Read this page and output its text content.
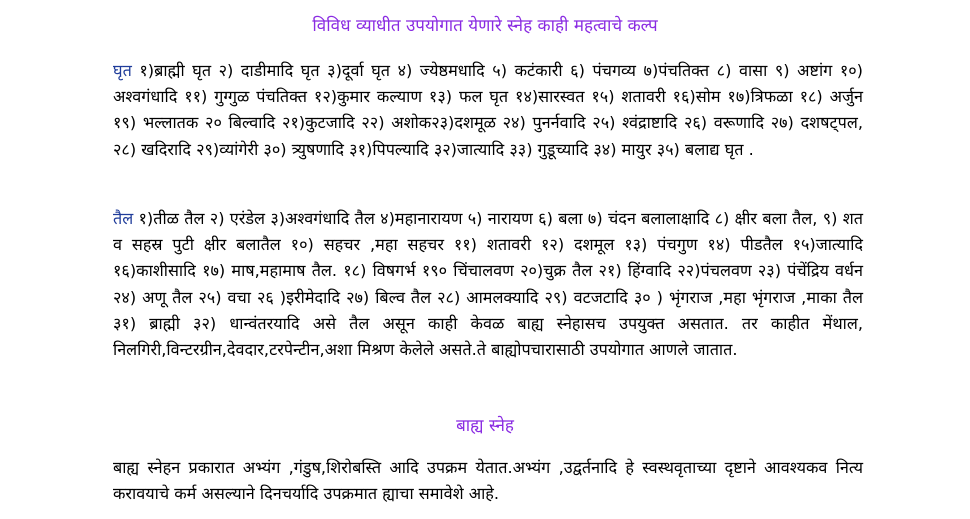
विविध व्याधीत उपयोगात येणारे स्नेह काही महत्वाचे कल्प
घृत १)ब्राह्मी घृत २) दाडीमादि घृत ३)दूर्वा घृत ४) ज्येष्ठमधादि ५) कटंकारी ६) पंचगव्य ७)पंचतिक्त ८) वासा ९) अष्टांग १०) अश्वगंधादि ११) गुग्गुळ पंचतिक्त १२)कुमार कल्याण १३) फल घृत १४)सारस्वत १५) शतावरी १६)सोम १७)त्रिफळा १८) अर्जुन १९) भल्लातक २० बिल्वादि २१)कुटजादि २२) अशोक२३)दशमूळ २४) पुनर्नवादि २५) श्वंद्राष्टादि २६) वरूणादि २७) दशषट्पल, २८) खदिरादि २९)व्यांगेरी ३०) त्र्युषणादि ३१)पिपल्यादि ३२)जात्यादि ३३) गुडूच्यादि ३४) मायुर ३५) बलाद्य घृत .
तैल १)तीळ तैल २) एरंडेल ३)अश्वगंधादि तैल ४)महानारायण ५) नारायण ६) बला ७) चंदन बलालाक्षादि ८) क्षीर बला तैल, ९) शत व सहस्र पुटी क्षीर बलातैल १०) सहचर ,महा सहचर ११) शतावरी १२) दशमूल १३) पंचगुण १४) पीडतैल १५)जात्यादि १६)काशीसादि १७) माष,महामाष तैल. १८) विषगर्भ १९० चिंचालवण २०)चुक्र तैल २१) हिंग्वादि २२)पंचलवण २३) पंचेंद्रिय वर्धन २४) अणू तैल २५) वचा २६ )इरीमेदादि २७) बिल्व तैल २८) आमलक्यादि २९) वटजटादि ३० ) भृंगराज ,महा भृंगराज ,माका तैल ३१) ब्राह्मी ३२) धान्वंतरयादि असे तैल असून काही केवळ बाह्य स्नेहासच उपयुक्त असतात. तर काहीत मेंथाल, निलगिरी,विन्टरग्रीन,देवदार,टरपेन्टीन,अशा मिश्रण केलेले असते.ते बाह्योपचारासाठी उपयोगात आणले जातात.
बाह्य स्नेह
बाह्य स्नेहन प्रकारात अभ्यंग ,गंडुष,शिरोबस्ति आदि उपक्रम येतात.अभ्यंग ,उद्वर्तनादि हे स्वस्थवृताच्या दृष्टाने आवश्यकव नित्य करावयाचे कर्म असल्याने दिनचर्यादि उपक्रमात ह्याचा समावेशे आहे.
